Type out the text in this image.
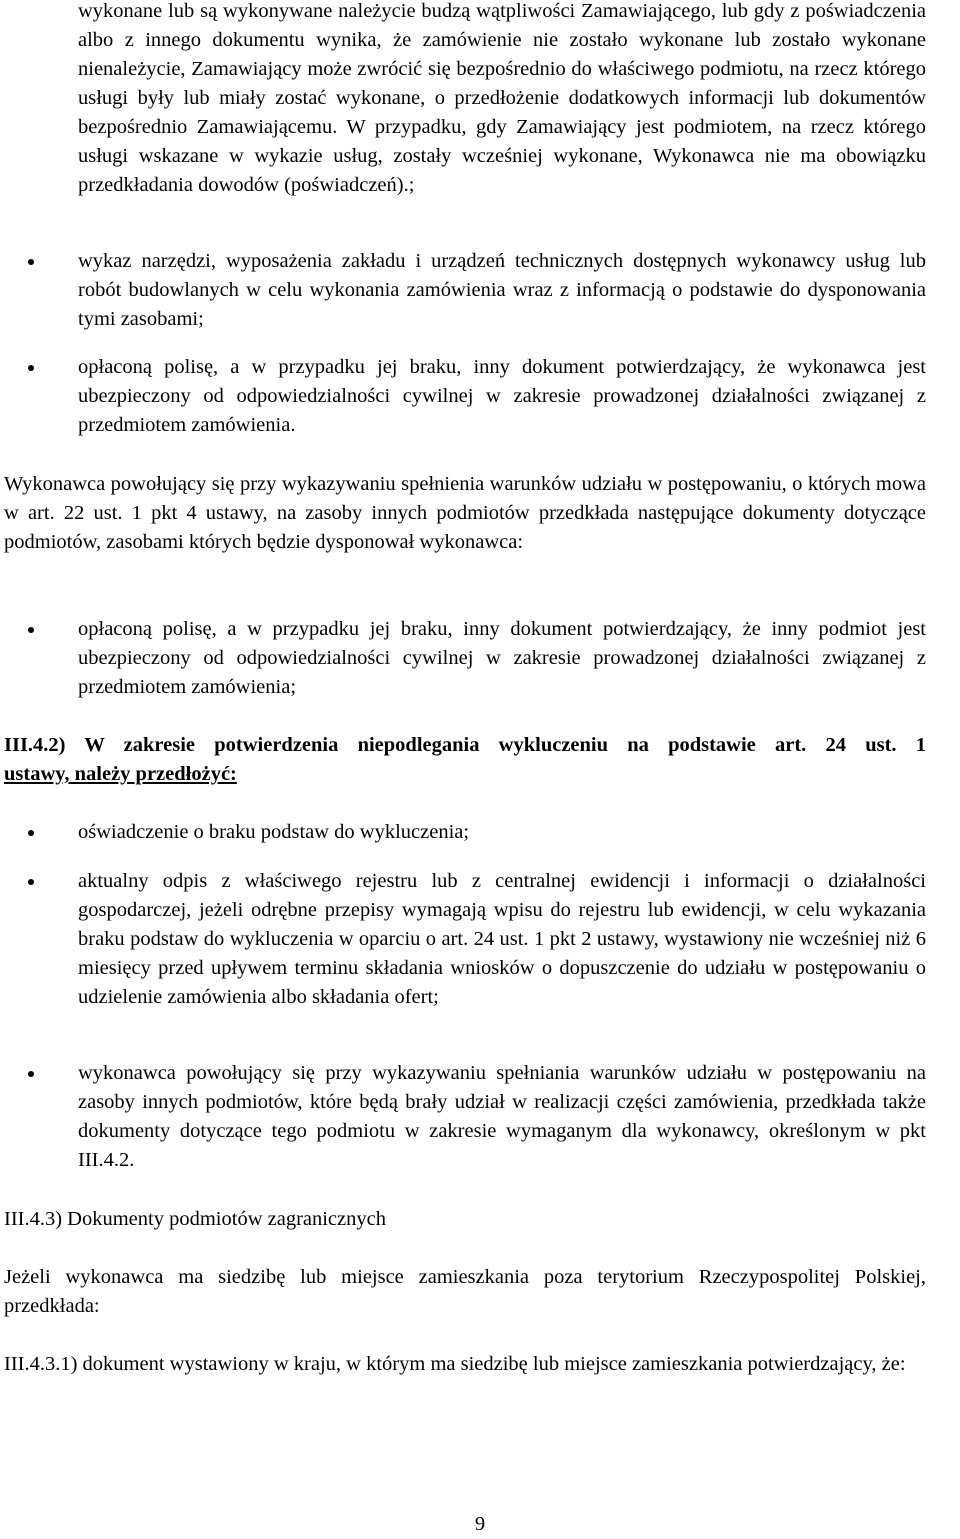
wykonane lub są wykonywane należycie budzą wątpliwości Zamawiającego, lub gdy z poświadczenia albo z innego dokumentu wynika, że zamówienie nie zostało wykonane lub zostało wykonane nienależycie, Zamawiający może zwrócić się bezpośrednio do właściwego podmiotu, na rzecz którego usługi były lub miały zostać wykonane, o przedłożenie dodatkowych informacji lub dokumentów bezpośrednio Zamawiającemu. W przypadku, gdy Zamawiający jest podmiotem, na rzecz którego usługi wskazane w wykazie usług, zostały wcześniej wykonane, Wykonawca nie ma obowiązku przedkładania dowodów (poświadczeń).;

wykaz narzędzi, wyposażenia zakładu i urządzeń technicznych dostępnych wykonawcy usług lub robót budowlanych w celu wykonania zamówienia wraz z informacją o podstawie do dysponowania tymi zasobami;

opłaconą polisę, a w przypadku jej braku, inny dokument potwierdzający, że wykonawca jest ubezpieczony od odpowiedzialności cywilnej w zakresie prowadzonej działalności związanej z przedmiotem zamówienia.

Wykonawca powołujący się przy wykazywaniu spełnienia warunków udziału w postępowaniu, o których mowa w art. 22 ust. 1 pkt 4 ustawy, na zasoby innych podmiotów przedkłada następujące dokumenty dotyczące podmiotów, zasobami których będzie dysponował wykonawca:

opłaconą polisę, a w przypadku jej braku, inny dokument potwierdzający, że inny podmiot jest ubezpieczony od odpowiedzialności cywilnej w zakresie prowadzonej działalności związanej z przedmiotem zamówienia;

III.4.2) W zakresie potwierdzenia niepodlegania wykluczeniu na podstawie art. 24 ust. 1
ustawy, należy przedłożyć:

oświadczenie o braku podstaw do wykluczenia;

aktualny odpis z właściwego rejestru lub z centralnej ewidencji i informacji o działalności gospodarczej, jeżeli odrębne przepisy wymagają wpisu do rejestru lub ewidencji, w celu wykazania braku podstaw do wykluczenia w oparciu o art. 24 ust. 1 pkt 2 ustawy, wystawiony nie wcześniej niż 6 miesięcy przed upływem terminu składania wniosków o dopuszczenie do udziału w postępowaniu o udzielenie zamówienia albo składania ofert;

wykonawca powołujący się przy wykazywaniu spełniania warunków udziału w postępowaniu na zasoby innych podmiotów, które będą brały udział w realizacji części zamówienia, przedkłada także dokumenty dotyczące tego podmiotu w zakresie wymaganym dla wykonawcy, określonym w pkt III.4.2.

III.4.3) Dokumenty podmiotów zagranicznych

Jeżeli wykonawca ma siedzibę lub miejsce zamieszkania poza terytorium Rzeczypospolitej Polskiej, przedkłada:

III.4.3.1) dokument wystawiony w kraju, w którym ma siedzibę lub miejsce zamieszkania potwierdzający, że:

9
